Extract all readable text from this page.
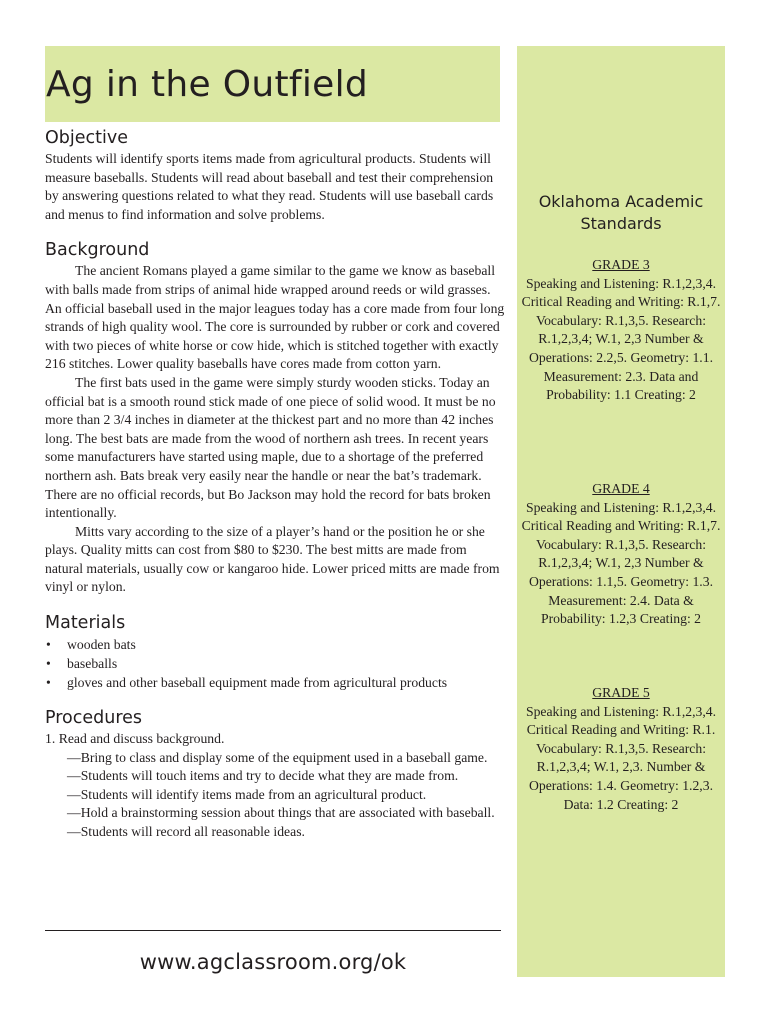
Ag in the Outfield
Objective

Students will identify sports items made from agricultural products. Students will measure baseballs. Students will read about baseball and test their comprehension by answering questions related to what they read. Students will use baseball cards and menus to find information and solve problems.

Background

The ancient Romans played a game similar to the game we know as baseball with balls made from strips of animal hide wrapped around reeds or wild grasses. An official baseball used in the major leagues today has a core made from four long strands of high quality wool. The core is surrounded by rubber or cork and covered with two pieces of white horse or cow hide, which is stitched together with exactly 216 stitches. Lower quality baseballs have cores made from cotton yarn.

The first bats used in the game were simply sturdy wooden sticks. Today an official bat is a smooth round stick made of one piece of solid wood. It must be no more than 2 3/4 inches in diameter at the thickest part and no more than 42 inches long. The best bats are made from the wood of northern ash trees. In recent years some manufacturers have started using maple, due to a shortage of the preferred northern ash. Bats break very easily near the handle or near the bat’s trademark. There are no official records, but Bo Jackson may hold the record for bats broken intentionally.

Mitts vary according to the size of a player’s hand or the position he or she plays. Quality mitts can cost from $80 to $230. The best mitts are made from natural materials, usually cow or kangaroo hide. Lower priced mitts are made from vinyl or nylon.

Materials
• wooden bats
• baseballs
• gloves and other baseball equipment made from agricultural products
Procedures
1. Read and discuss background.
—Bring to class and display some of the equipment used in a baseball game.
—Students will touch items and try to decide what they are made from.
—Students will identify items made from an agricultural product.
—Hold a brainstorming session about things that are associated with baseball.
—Students will record all reasonable ideas.
www.agclassroom.org/ok
Oklahoma Academic Standards
GRADE 3
Speaking and Listening: R.1,2,3,4. Critical Reading and Writing: R.1,7. Vocabulary: R.1,3,5. Research: R.1,2,3,4; W.1, 2,3 Number & Operations: 2.2,5. Geometry: 1.1. Measurement: 2.3. Data and Probability: 1.1 Creating: 2
GRADE 4
Speaking and Listening: R.1,2,3,4. Critical Reading and Writing: R.1,7. Vocabulary: R.1,3,5. Research: R.1,2,3,4; W.1, 2,3 Number & Operations: 1.1,5. Geometry: 1.3. Measurement: 2.4. Data & Probability: 1.2,3 Creating: 2
GRADE 5
Speaking and Listening: R.1,2,3,4. Critical Reading and Writing: R.1. Vocabulary: R.1,3,5. Research: R.1,2,3,4; W.1, 2,3. Number & Operations: 1.4. Geometry: 1.2,3. Data: 1.2 Creating: 2
